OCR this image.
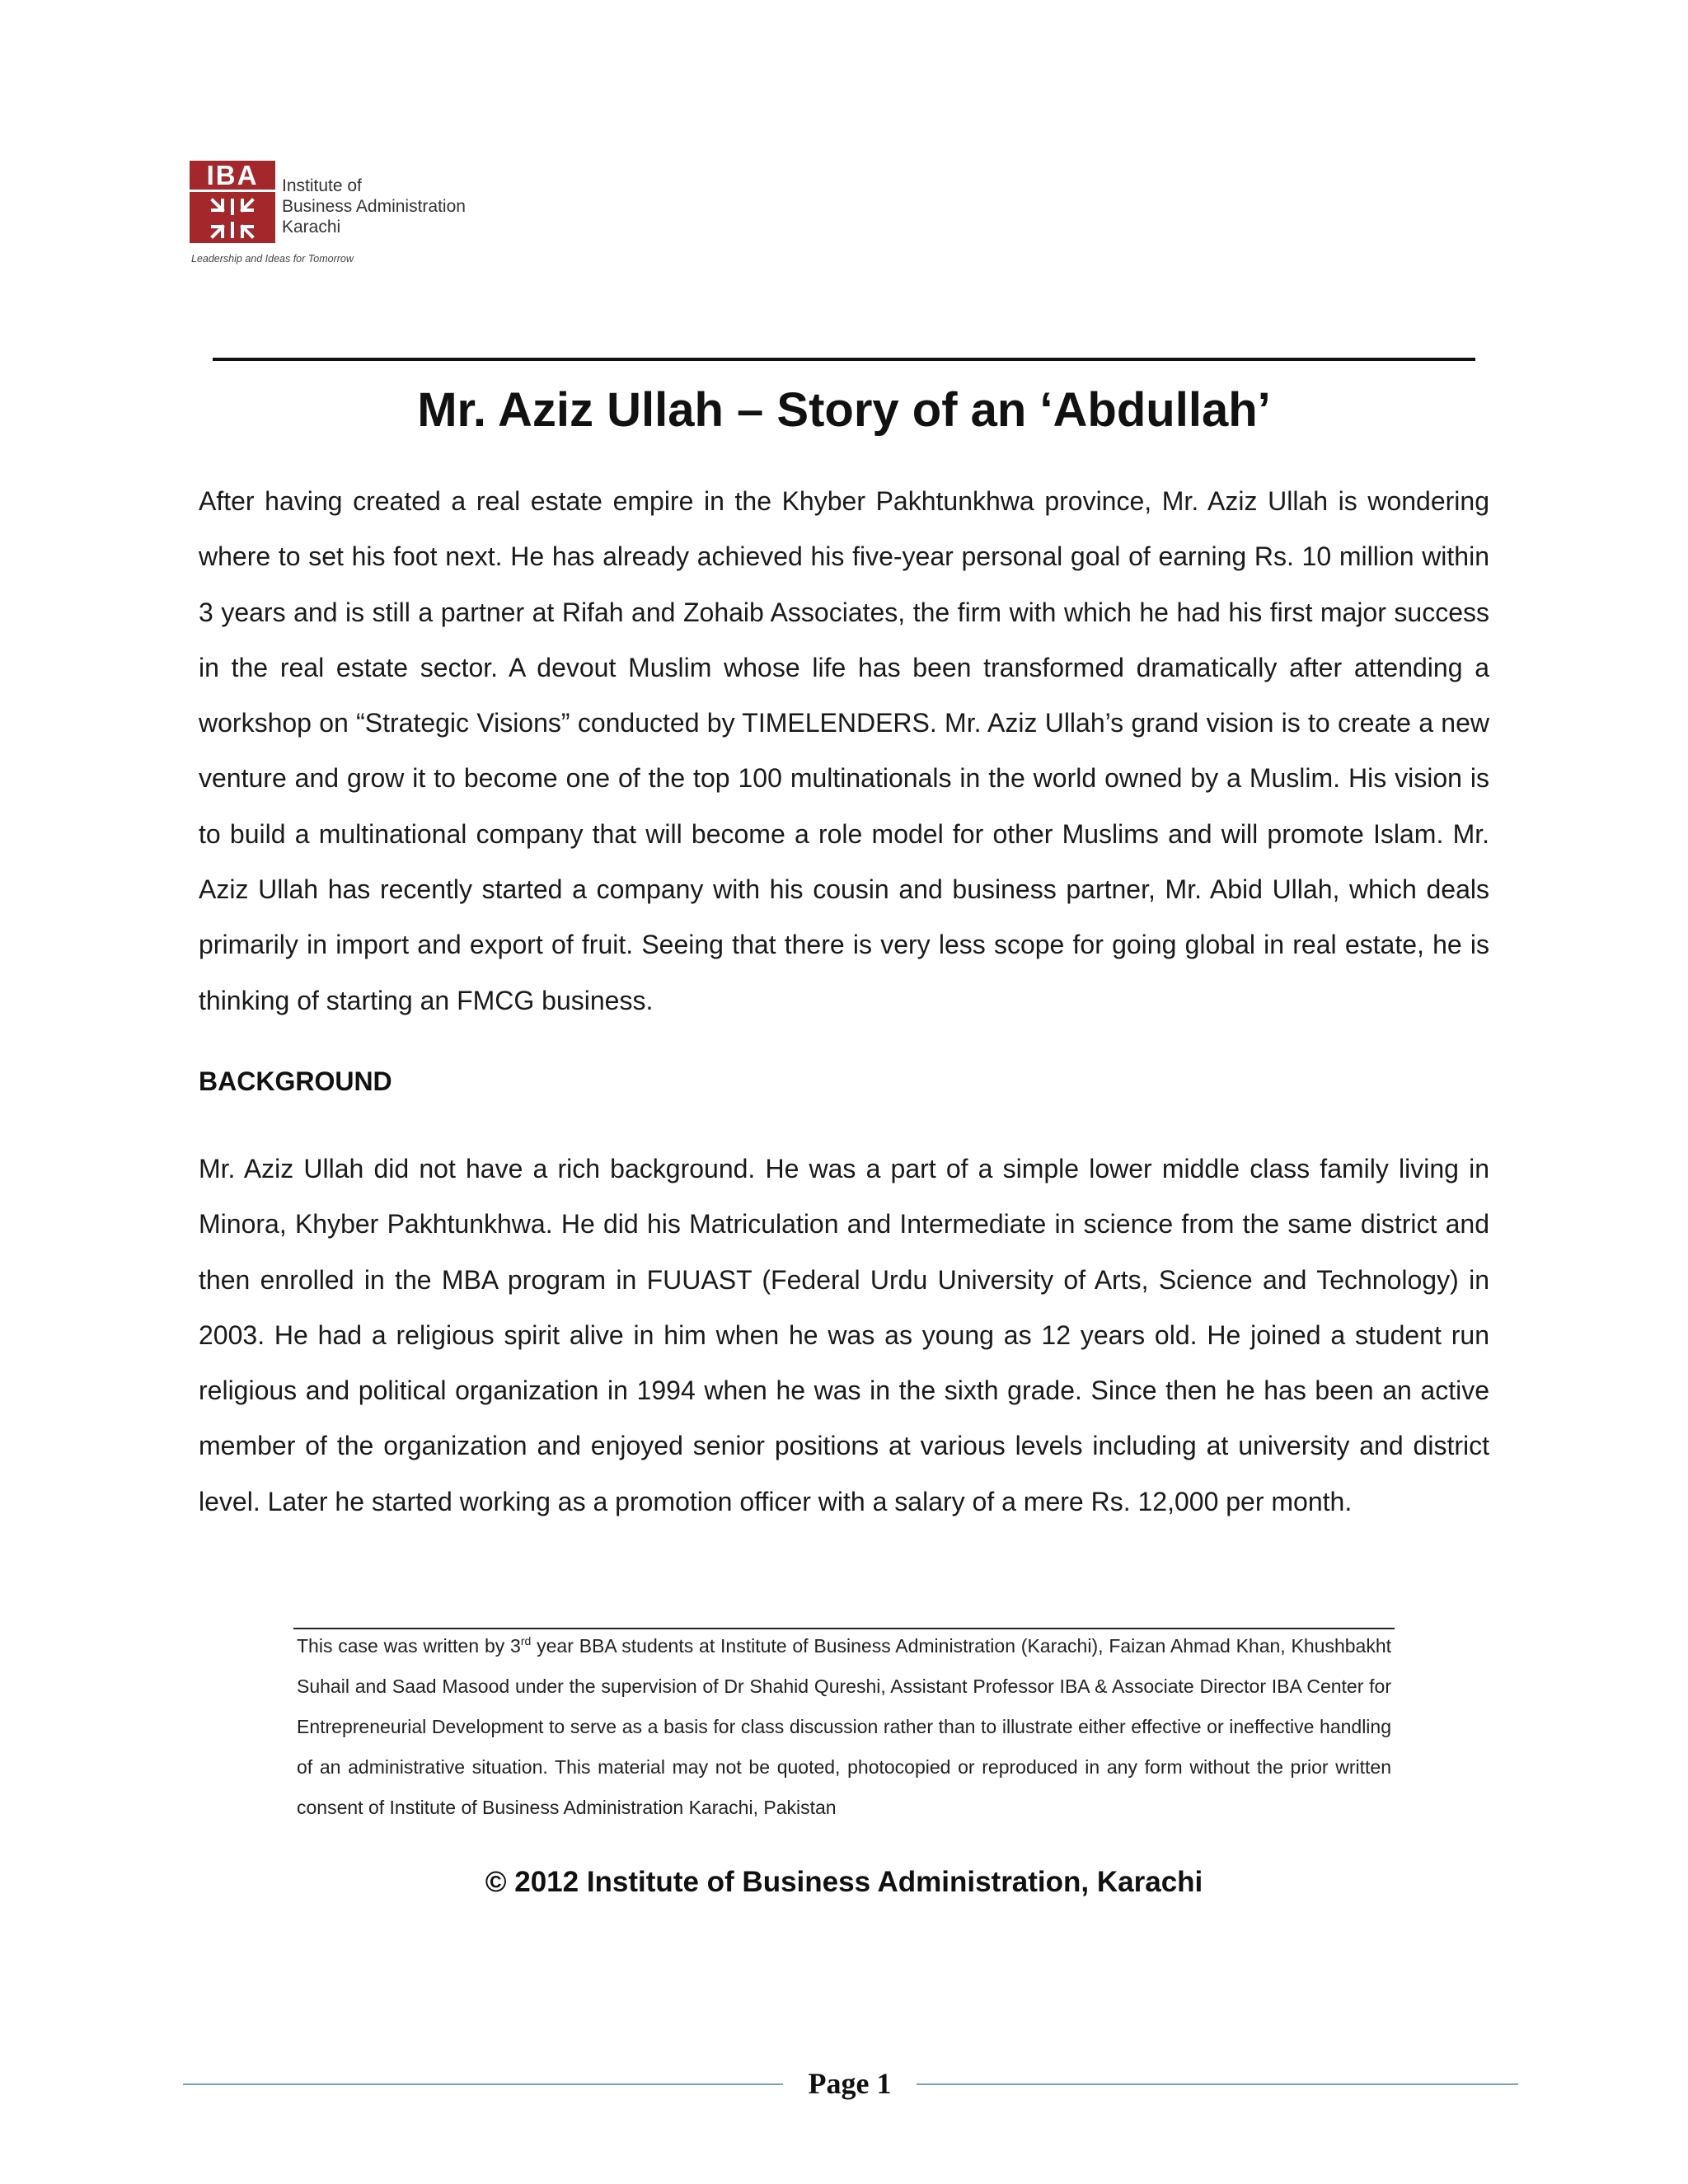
IBA	Institute of
Business Administration
Karachi
Leadership and Ideas for Tomorrow
Mr. Aziz Ullah – Story of an ‘Abdullah’

After having created a real estate empire in the Khyber Pakhtunkhwa province, Mr. Aziz Ullah is wondering where to set his foot next. He has already achieved his five-year personal goal of earning Rs. 10 million within 3 years and is still a partner at Rifah and Zohaib Associates, the firm with which he had his first major success in the real estate sector. A devout Muslim whose life has been transformed dramatically after attending a workshop on “Strategic Visions” conducted by TIMELENDERS. Mr. Aziz Ullah’s grand vision is to create a new venture and grow it to become one of the top 100 multinationals in the world owned by a Muslim. His vision is to build a multinational company that will become a role model for other Muslims and will promote Islam. Mr. Aziz Ullah has recently started a company with his cousin and business partner, Mr. Abid Ullah, which deals primarily in import and export of fruit. Seeing that there is very less scope for going global in real estate, he is thinking of starting an FMCG business.

BACKGROUND

Mr. Aziz Ullah did not have a rich background. He was a part of a simple lower middle class family living in Minora, Khyber Pakhtunkhwa. He did his Matriculation and Intermediate in science from the same district and then enrolled in the MBA program in FUUAST (Federal Urdu University of Arts, Science and Technology) in 2003. He had a religious spirit alive in him when he was as young as 12 years old. He joined a student run religious and political organization in 1994 when he was in the sixth grade. Since then he has been an active member of the organization and enjoyed senior positions at various levels including at university and district level. Later he started working as a promotion officer with a salary of a mere Rs. 12,000 per month.

This case was written by 3rd year BBA students at Institute of Business Administration (Karachi), Faizan Ahmad Khan, Khushbakht Suhail and Saad Masood under the supervision of Dr Shahid Qureshi, Assistant Professor IBA & Associate Director IBA Center for Entrepreneurial Development to serve as a basis for class discussion rather than to illustrate either effective or ineffective handling of an administrative situation. This material may not be quoted, photocopied or reproduced in any form without the prior written consent of Institute of Business Administration Karachi, Pakistan

© 2012 Institute of Business Administration, Karachi
Page 1
